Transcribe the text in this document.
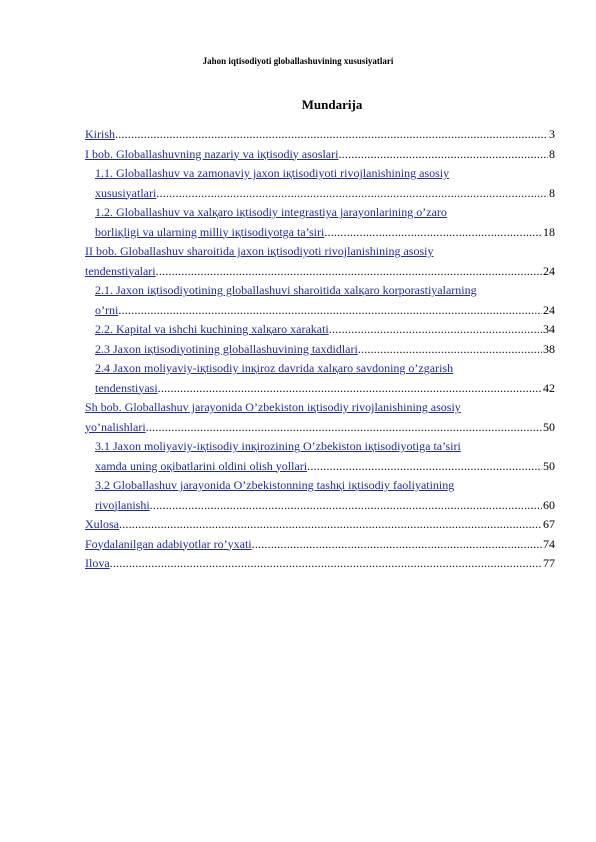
Jahon iqtisodiyoti globallashuvining xususiyatlari
Mundarija
Kirish .....	3
I bob. Globallashuvning nazariy va iқtisodiy asoslari .....	8
1.1. Globallashuv va zamonaviy jaxon iқtisodiyoti rivojlanishining asosiy
xususiyatlari .....	8
1.2. Globallashuv va xalқaro iқtisodiy integrastiya jarayonlarining o’zaro
borliқligi va ularning milliy iқtisodiyotga ta’siri .....	18
II bob. Globallashuv sharoitida jaxon iқtisodiyoti rivojlanishining asosiy
tendenstiyalari .....	24
2.1. Jaxon iқtisodiyotining globallashuvi sharoitida xalқaro korporastiyalarning
o’rni .....	24
2.2. Kapital va ishchi kuchining xalқaro xarakati .....	34
2.3 Jaxon iқtisodiyotining globallashuvining taxdidlari .....	38
2.4 Jaxon moliyaviy-iқtisodiy inқiroz davrida xalқaro savdoning o’zgarish
tendenstiyasi .....	42
Sh bob. Globallashuv jarayonida O’zbekiston iқtisodiy rivojlanishining asosiy
yo’nalishlari .....	50
3.1 Jaxon moliyaviy-iқtisodiy inқirozining O’zbekiston iқtisodiyotiga ta’siri
xamda uning oқibatlarini oldini olish yollari .....	50
3.2 Globallashuv jarayonida O’zbekistonning tashқi iқtisodiy faoliyatining
rivojlanishi .....	60
Xulosa .....	67
Foydalanilgan adabiyotlar ro’yxati .....	74
Ilova .....	77
